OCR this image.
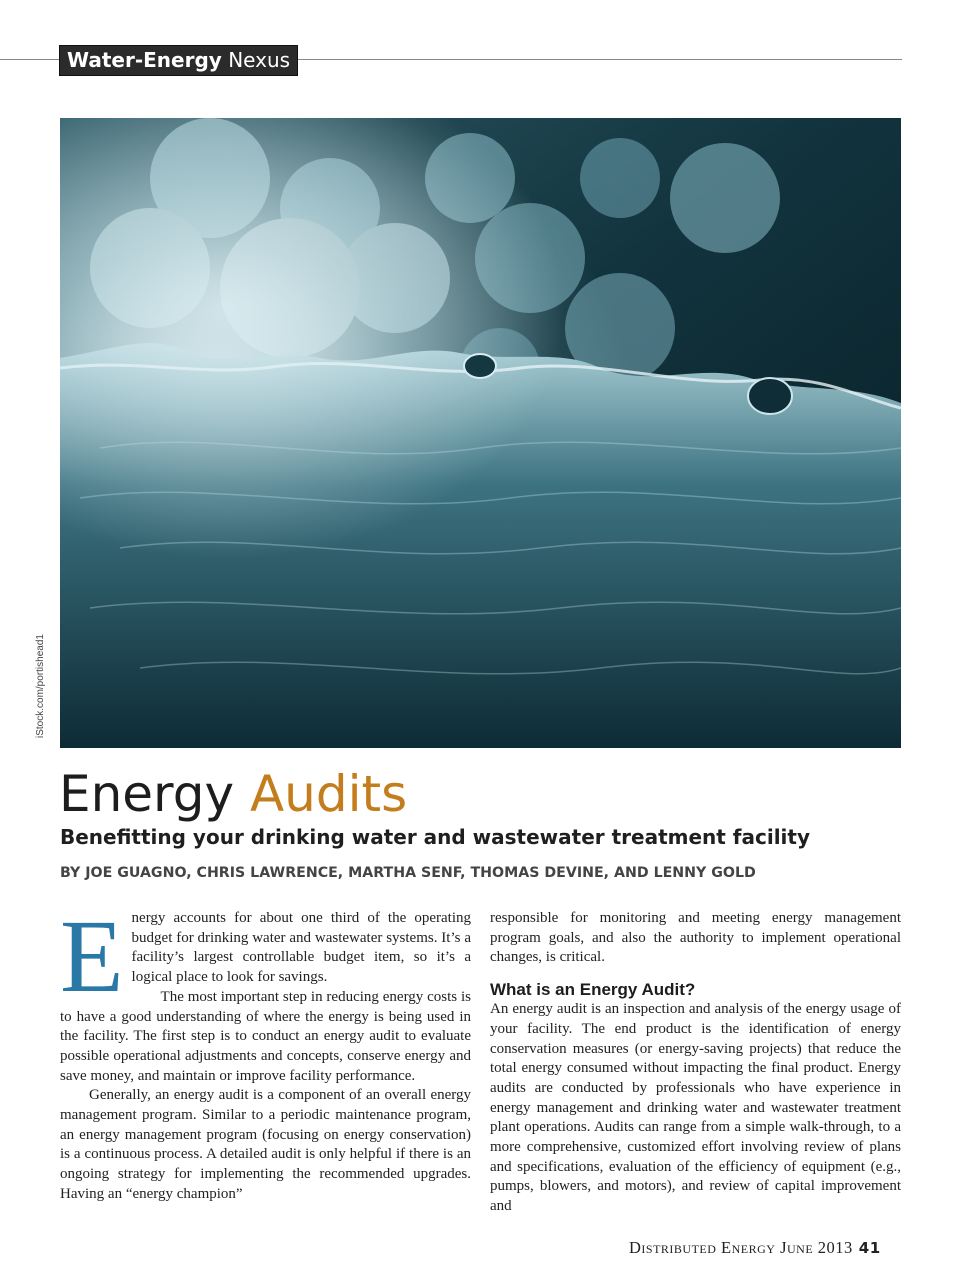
Water-Energy Nexus
iStock.com/portishead1
Energy Audits
Benefitting your drinking water and wastewater treatment facility
BY JOE GUAGNO, CHRIS LAWRENCE, MARTHA SENF, THOMAS DEVINE, AND LENNY GOLD

Energy accounts for about one third of the operating budget for drinking water and wastewater systems. It’s a facility’s largest controllable budget item, so it’s a logical place to look for savings.

The most important step in reducing energy costs is to have a good understanding of where the energy is being used in the facility. The first step is to conduct an energy audit to evaluate possible operational adjustments and concepts, conserve energy and save money, and maintain or improve facility performance.

Generally, an energy audit is a component of an overall energy management program. Similar to a periodic maintenance program, an energy management program (focusing on energy conservation) is a continuous process. A detailed audit is only helpful if there is an ongoing strategy for implementing the recommended upgrades. Having an “energy champion”

responsible for monitoring and meeting energy management program goals, and also the authority to implement operational changes, is critical.

What is an Energy Audit?

An energy audit is an inspection and analysis of the energy usage of your facility. The end product is the identification of energy conservation measures (or energy-saving projects) that reduce the total energy consumed without impacting the final product. Energy audits are conducted by professionals who have experience in energy management and drinking water and wastewater treatment plant operations. Audits can range from a simple walk-through, to a more comprehensive, customized effort involving review of plans and specifications, evaluation of the efficiency of equipment (e.g., pumps, blowers, and motors), and review of capital improvement and

Distributed Energy June 2013 41
